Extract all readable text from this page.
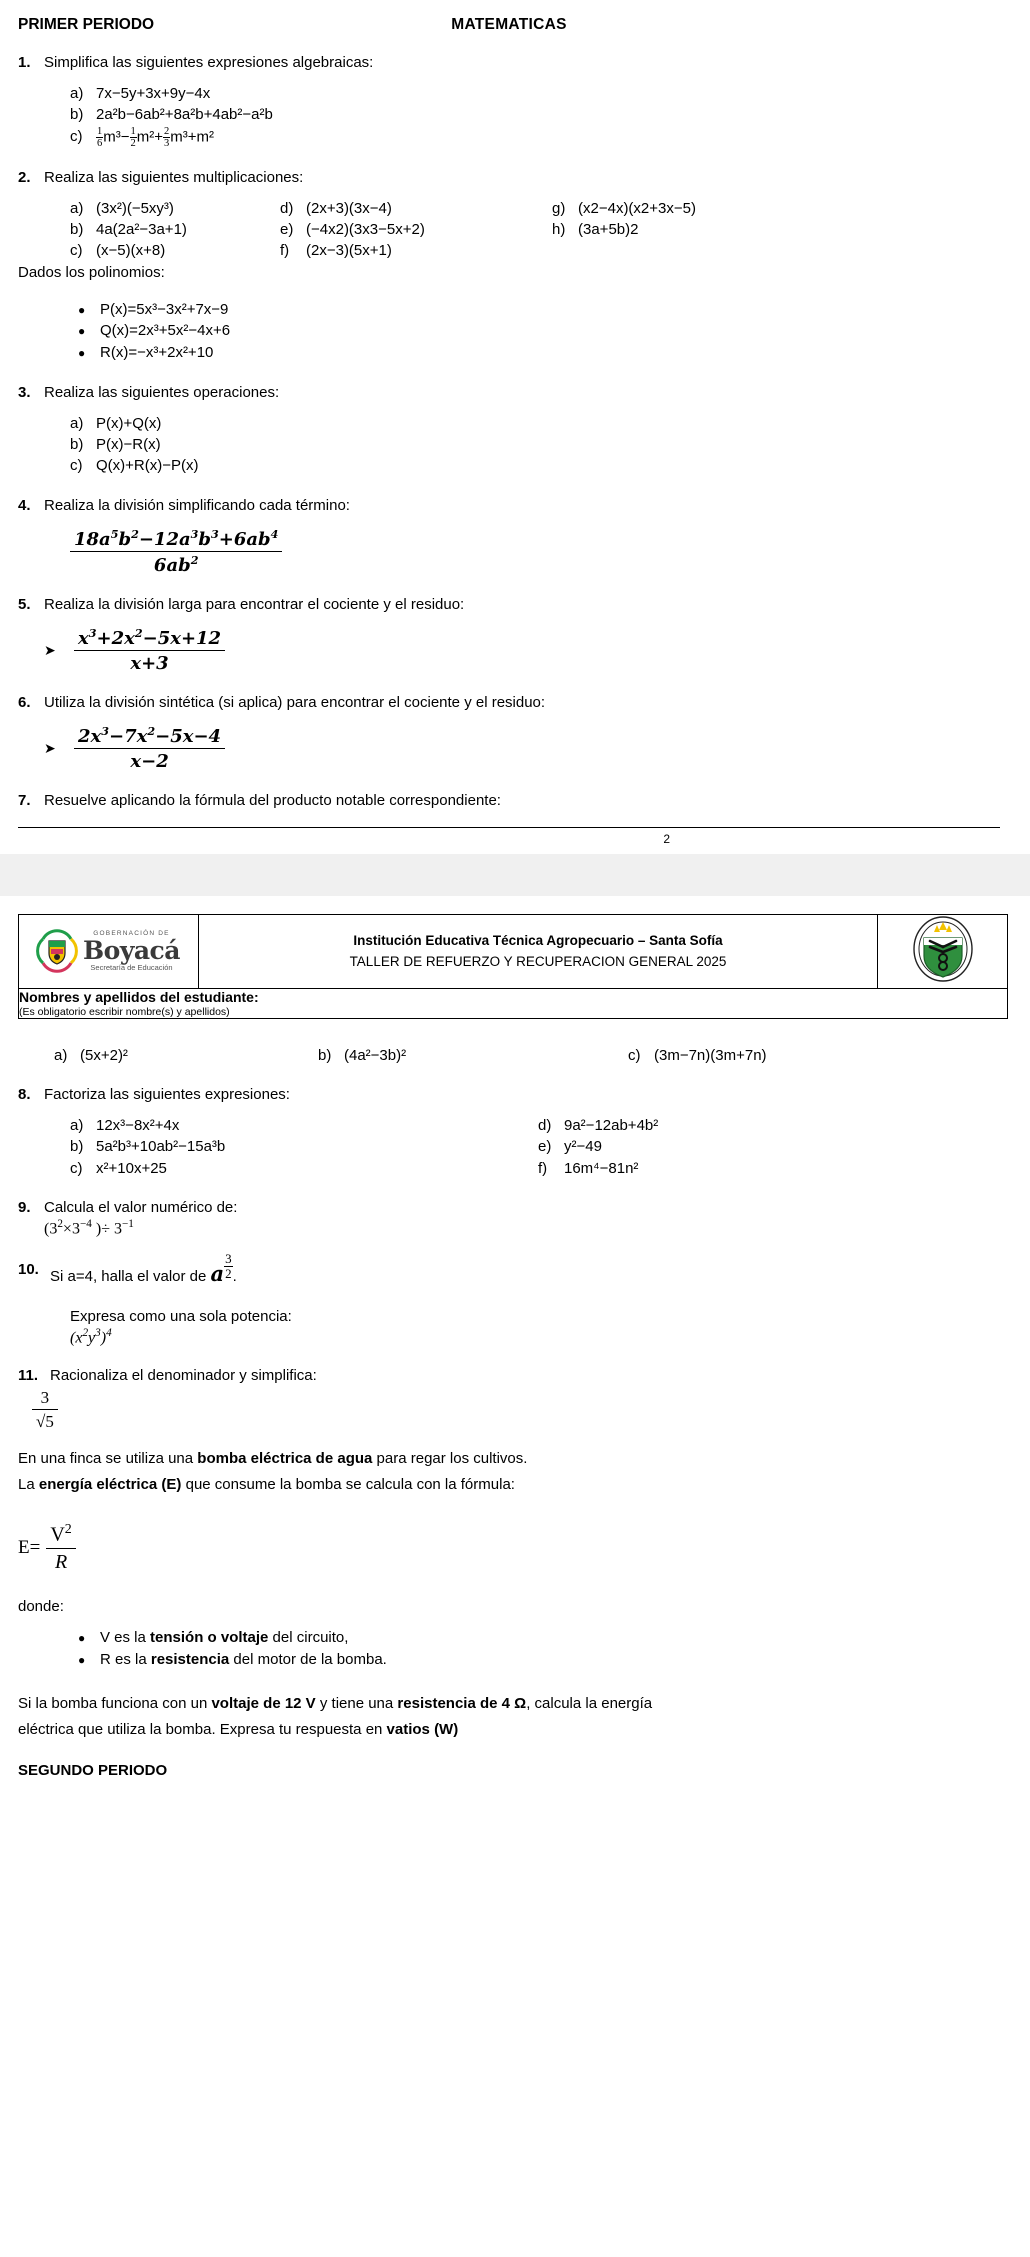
MATEMATICAS
PRIMER PERIODO
1. Simplifica las siguientes expresiones algebraicas:
a) 7x−5y+3x+9y−4x
b) 2a²b−6ab²+8a²b+4ab²−a²b
c)	$\frac{1}{6} m^3- \frac{1}{2} m^2+ \frac{2}{3} m^3+m^2$
2. Realiza las siguientes multiplicaciones:
a) (3x²)(−5xy³)
b) 4a(2a²−3a+1)
c) (x−5)(x+8)
d) (2x+3)(3x−4)
e) (−4x2)(3x3−5x+2)
f)	(2x−3)(5x+1)
g) (x2−4x)(x2+3x−5)
h) (3a+5b)2
Dados los polinomios:
● P(x)=5x³−3x²+7x−9
● Q(x)=2x³+5x²−4x+6
● R(x)=−x³+2x²+10
3. Realiza las siguientes operaciones:
a) P(x)+Q(x)
b) P(x)−R(x)
c) Q(x)+R(x)−P(x)
4. Realiza la división simplificando cada término:
$\frac{18a^5b^2-12a^3b^3+6ab^4}{6ab^2}$
5. Realiza la división larga para encontrar el cociente y el residuo:
➤	$\frac{x^3+2x^2-5x+12}{x+3}$
6. Utiliza la división sintética (si aplica) para encontrar el cociente y el residuo:
➤	$\frac{2x^3-7x^2-5x-4}{x-2}$
7. Resuelve aplicando la fórmula del producto notable correspondiente:
2
GOBERNACIÓN DE
Boyacá
Secretaría de Educación

Institución Educativa Técnica Agropecuario – Santa Sofía
TALLER DE REFUERZO Y RECUPERACION GENERAL 2025

Nombres y apellidos del estudiante:
(Es obligatorio escribir nombre(s) y apellidos)
a) (5x+2)²	b) (4a²−3b)²	c) (3m−7n)(3m+7n)
8. Factoriza las siguientes expresiones:
a) 12x³−8x²+4x
b) 5a²b³+10ab²−15a³b
c) x²+10x+25
d) 9a²−12ab+4b²
e) y²−49
f)	16m⁴−81n²
9. Calcula el valor numérico de:
($3^2\times 3^{-4}$ )÷ $3^{-1}$
10. Si a=4, halla el valor de a $\frac{3}{2}$ .
Expresa como una sola potencia:
$(x^2y^3)^4$
11. Racionaliza el denominador y simplifica:
$\frac{3}{√5}$
En una finca se utiliza una bomba eléctrica de agua para regar los cultivos.
La energía eléctrica (E) que consume la bomba se calcula con la fórmula:
$E= \frac{V^2}{R}$
donde:
● V es la tensión o voltaje del circuito,
● R es la resistencia del motor de la bomba.
Si la bomba funciona con un voltaje de 12 V y tiene una resistencia de 4 Ω, calcula la energía
eléctrica que utiliza la bomba. Expresa tu respuesta en vatios (W)
SEGUNDO PERIODO
